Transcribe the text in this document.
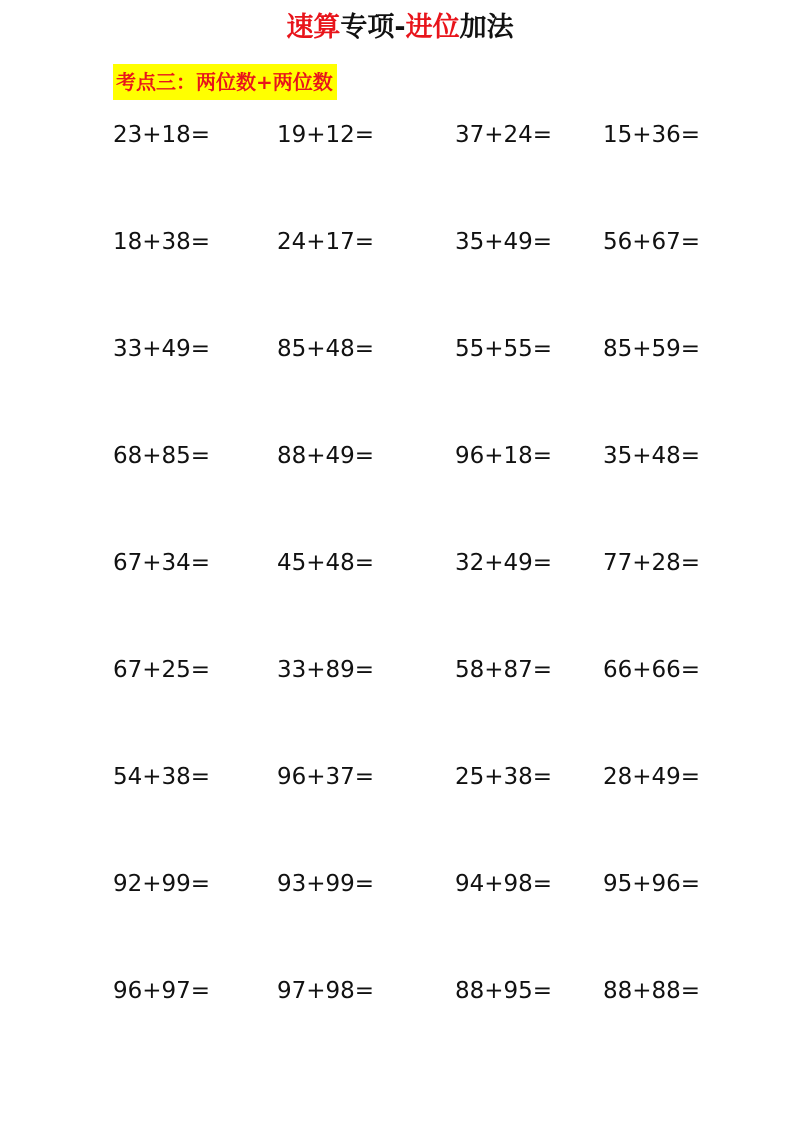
速算专项-进位加法
考点三：两位数+两位数
23+18=	19+12=	37+24= 15+36=
18+38=	24+17=	35+49= 56+67=
33+49=	85+48=	55+55= 85+59=
68+85=	88+49=	96+18= 35+48=
67+34=	45+48=	32+49= 77+28=
67+25=	33+89=	58+87= 66+66=
54+38=	96+37=	25+38= 28+49=
92+99=	93+99=	94+98= 95+96=
96+97=	97+98=	88+95= 88+88=
